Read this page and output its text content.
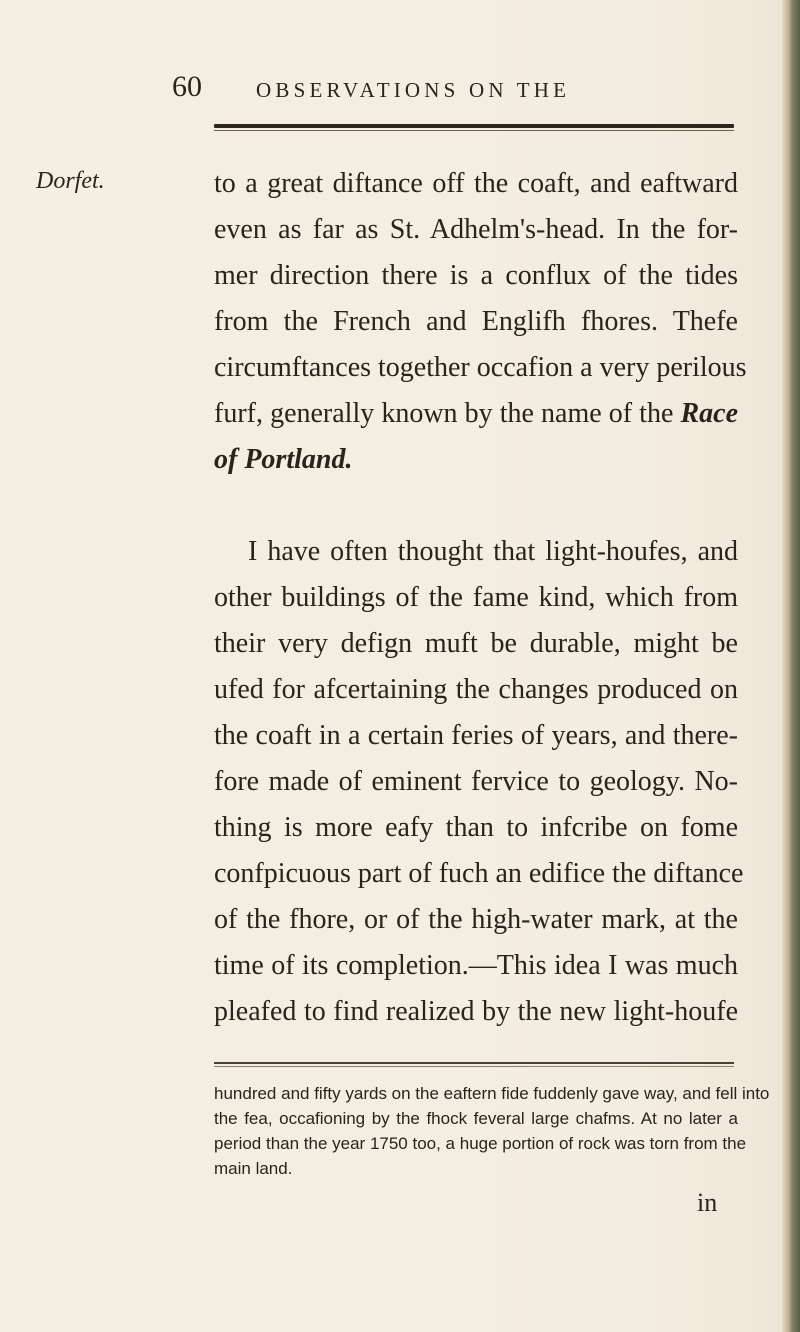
60	OBSERVATIONS ON THE
Dorfet.	to a great diftance off the coaft, and eaftward
even as far as St. Adhelm's-head. In the for-
mer direction there is a conflux of the tides
from the French and Englifh fhores. Thefe
circumftances together occafion a very perilous
furf, generally known by the name of the Race
of Portland.
I have often thought that light-houfes, and
other buildings of the fame kind, which from
their very defign muft be durable, might be
ufed for afcertaining the changes produced on
the coaft in a certain feries of years, and there-
fore made of eminent fervice to geology. No-
thing is more eafy than to infcribe on fome
confpicuous part of fuch an edifice the diftance
of the fhore, or of the high-water mark, at the
time of its completion.—This idea I was much
pleafed to find realized by the new light-houfe
hundred and fifty yards on the eaftern fide fuddenly gave way, and fell into
the fea, occafioning by the fhock feveral large chafms. At no later a
period than the year 1750 too, a huge portion of rock was torn from the
main land.
in
